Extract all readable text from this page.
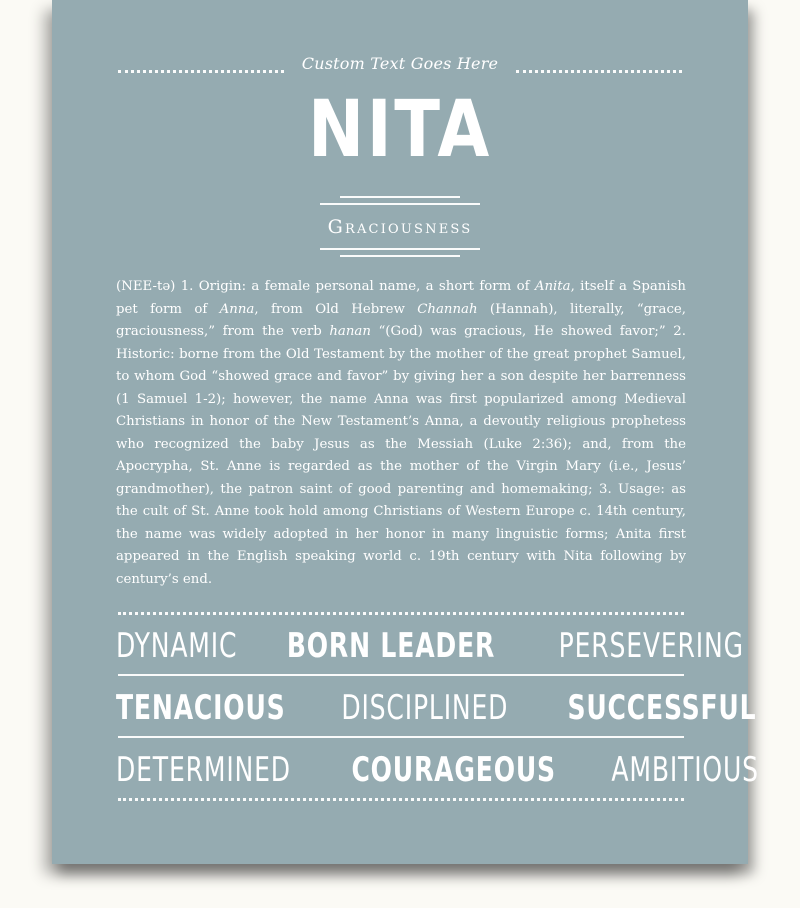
Custom Text Goes Here
NITA
Graciousness
(NEE-tə) 1. Origin: a female personal name, a short form of Anita, itself a Spanish pet form of Anna, from Old Hebrew Channah (Hannah), literally, “grace, graciousness,” from the verb hanan “(God) was gracious, He showed favor;” 2. Historic: borne from the Old Testament by the mother of the great prophet Samuel, to whom God “showed grace and favor” by giving her a son despite her barrenness (1 Samuel 1-2); however, the name Anna was first popularized among Medieval Christians in honor of the New Testament’s Anna, a devoutly religious prophetess who recognized the baby Jesus as the Messiah (Luke 2:36); and, from the Apocrypha, St. Anne is regarded as the mother of the Virgin Mary (i.e., Jesus’ grandmother), the patron saint of good parenting and homemaking; 3. Usage: as the cult of St. Anne took hold among Christians of Western Europe c. 14th century, the name was widely adopted in her honor in many linguistic forms; Anita first appeared in the English speaking world c. 19th century with Nita following by century’s end.
DYNAMIC BORN LEADER PERSEVERING
TENACIOUS DISCIPLINED SUCCESSFUL
DETERMINED COURAGEOUS AMBITIOUS
